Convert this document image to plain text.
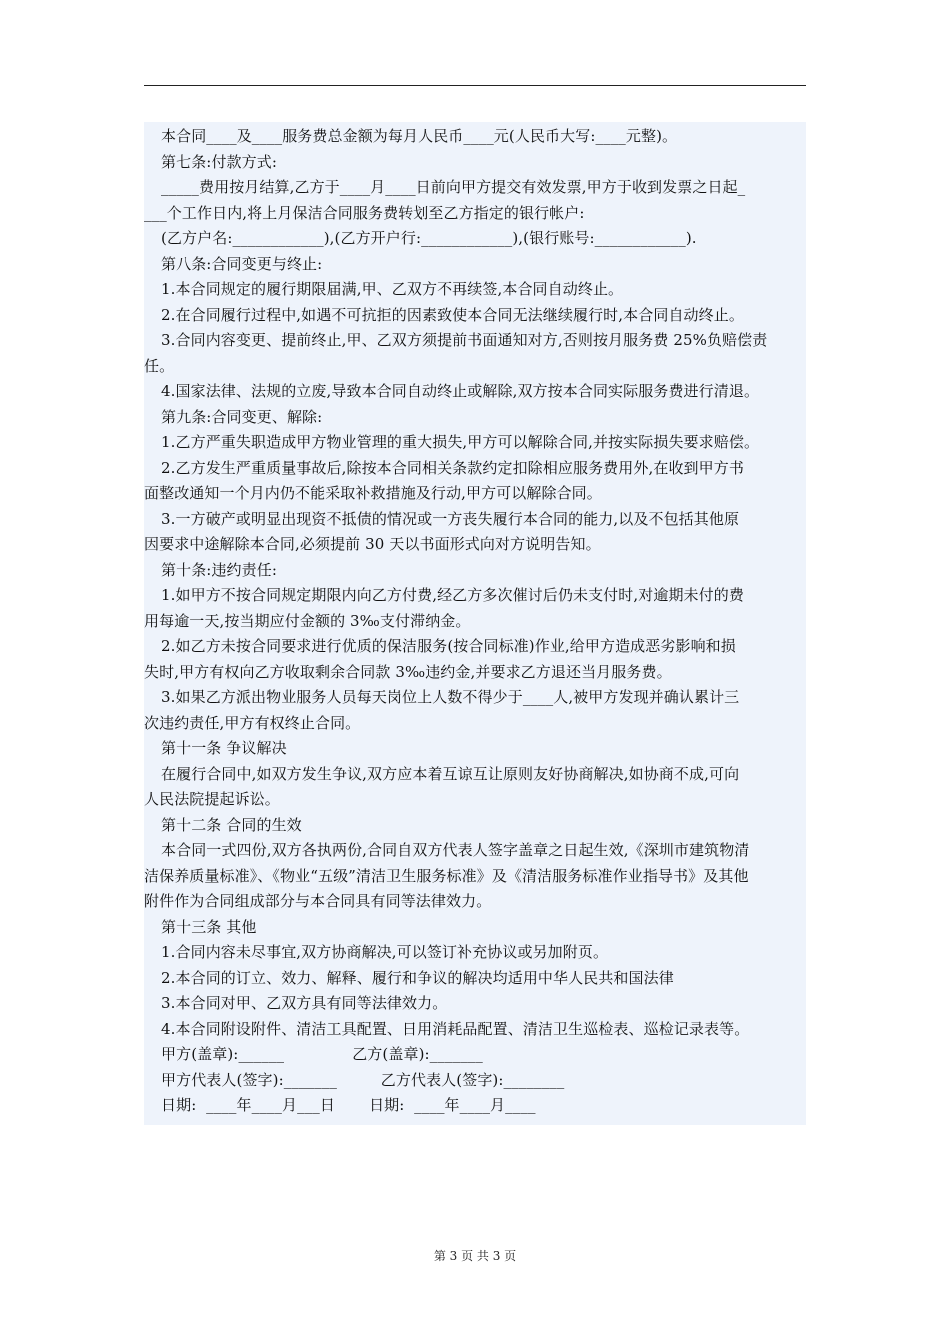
本合同____及____服务费总金额为每月人民币____元(人民币大写:____元整)。
第七条:付款方式:
_____费用按月结算,乙方于____月____日前向甲方提交有效发票,甲方于收到发票之日起_
___个工作日内,将上月保洁合同服务费转划至乙方指定的银行帐户:
(乙方户名:____________),(乙方开户行:____________),(银行账号:____________).
第八条:合同变更与终止:
1.本合同规定的履行期限届满,甲、乙双方不再续签,本合同自动终止。
2.在合同履行过程中,如遇不可抗拒的因素致使本合同无法继续履行时,本合同自动终止。
3.合同内容变更、提前终止,甲、乙双方须提前书面通知对方,否则按月服务费 25%负赔偿责
任。
4.国家法律、法规的立废,导致本合同自动终止或解除,双方按本合同实际服务费进行清退。
第九条:合同变更、解除:
1.乙方严重失职造成甲方物业管理的重大损失,甲方可以解除合同,并按实际损失要求赔偿。
2.乙方发生严重质量事故后,除按本合同相关条款约定扣除相应服务费用外,在收到甲方书
面整改通知一个月内仍不能采取补救措施及行动,甲方可以解除合同。
3.一方破产或明显出现资不抵债的情况或一方丧失履行本合同的能力,以及不包括其他原
因要求中途解除本合同,必须提前 30 天以书面形式向对方说明告知。
第十条:违约责任:
1.如甲方不按合同规定期限内向乙方付费,经乙方多次催讨后仍未支付时,对逾期未付的费
用每逾一天,按当期应付金额的 3‰支付滞纳金。
2.如乙方未按合同要求进行优质的保洁服务(按合同标准)作业,给甲方造成恶劣影响和损
失时,甲方有权向乙方收取剩余合同款 3‰违约金,并要求乙方退还当月服务费。
3.如果乙方派出物业服务人员每天岗位上人数不得少于____人,被甲方发现并确认累计三
次违约责任,甲方有权终止合同。
第十一条 争议解决
在履行合同中,如双方发生争议,双方应本着互谅互让原则友好协商解决,如协商不成,可向
人民法院提起诉讼。
第十二条 合同的生效
本合同一式四份,双方各执两份,合同自双方代表人签字盖章之日起生效,《深圳市建筑物清
洁保养质量标准》、《物业“五级”清洁卫生服务标准》及《清洁服务标准作业指导书》及其他
附件作为合同组成部分与本合同具有同等法律效力。
第十三条 其他
1.合同内容未尽事宜,双方协商解决,可以签订补充协议或另加附页。
2.本合同的订立、效力、解释、履行和争议的解决均适用中华人民共和国法律
3.本合同对甲、乙双方具有同等法律效力。
4.本合同附设附件、清洁工具配置、日用消耗品配置、清洁卫生巡检表、巡检记录表等。
甲方(盖章):______              乙方(盖章):_______
甲方代表人(签字):_______         乙方代表人(签字):________
日期:  ____年____月___日       日期:  ____年____月____
第 3 页 共 3 页
